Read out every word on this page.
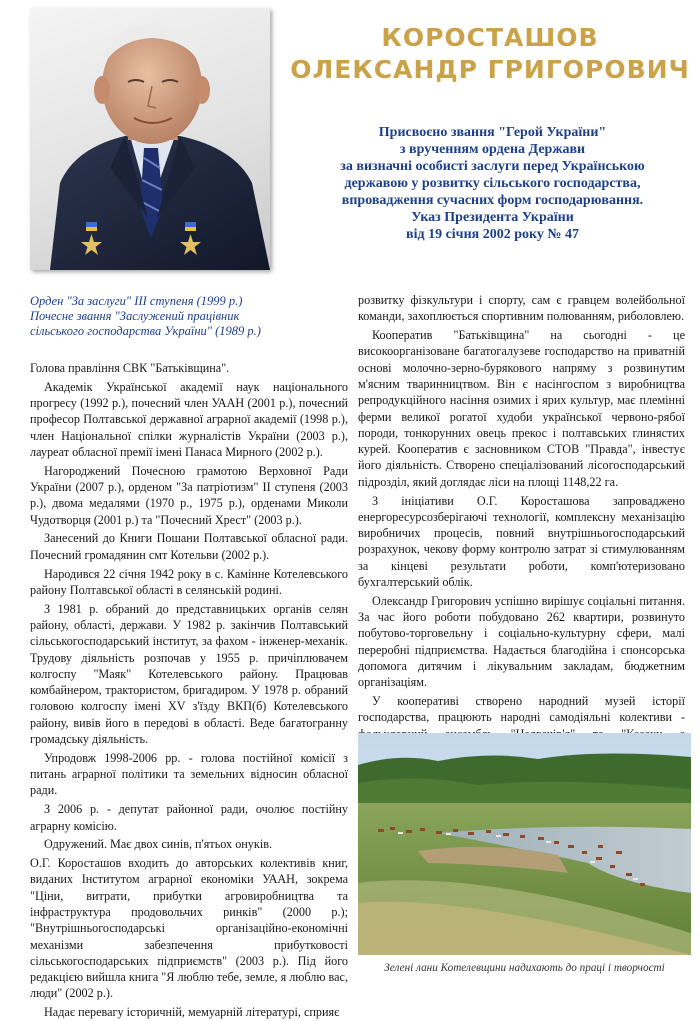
КОРОСТАШОВ
ОЛЕКСАНДР ГРИГОРОВИЧ
Присвоєно звання "Герой України"
з врученням ордена Держави
за визначні особисті заслуги перед Українською
державою у розвитку сільського господарства,
впровадження сучасних форм господарювання.
Указ Президента України
від 19 січня 2002 року № 47
Орден "За заслуги" III ступеня (1999 р.)
Почесне звання "Заслужений працівник
сільського господарства України" (1989 р.)

Голова правління СВК "Батьківщина".

Академік Української академії наук національного прогресу (1992 р.), почесний член УААН (2001 р.), почесний професор Полтавської державної аграрної академії (1998 р.), член Національної спілки журналістів України (2003 р.), лауреат обласної премії імені Панаса Мирного (2002 р.).

Нагороджений Почесною грамотою Верховної Ради України (2007 р.), орденом "За патріотизм" ІІ ступеня (2003 р.), двома медалями (1970 р., 1975 р.), орденами Миколи Чудотворця (2001 р.) та "Почесний Хрест" (2003 р.).

Занесений до Книги Пошани Полтавської обласної ради. Почесний громадянин смт Котельви (2002 р.).

Народився 22 січня 1942 року в с. Камінне Котелевського району Полтавської області в селянській родині.

З 1981 р. обраний до представницьких органів селян району, області, держави. У 1982 р. закінчив Полтавський сільськогосподарський інститут, за фахом - інженер-механік. Трудову діяльність розпочав у 1955 р. причіплювачем колгоспу "Маяк" Котелевського району. Працював комбайнером, трактористом, бригадиром. У 1978 р. обраний головою колгоспу імені XV з'їзду ВКП(б) Котелевського району, вивів його в передові в області. Веде багатогранну громадську діяльність.

Упродовж 1998-2006 рр. - голова постійної комісії з питань аграрної політики та земельних відносин обласної ради.

З 2006 р. - депутат районної ради, очолює постійну аграрну комісію.

Одружений. Має двох синів, п'ятьох онуків.

О.Г. Коросташов входить до авторських колективів книг, виданих Інститутом аграрної економіки УААН, зокрема "Ціни, витрати, прибутки агровиробництва та інфраструктура продовольчих ринків" (2000 р.); "Внутрішньогосподарські організаційно-економічні механізми забезпечення прибутковості сільськогосподарських підприємств" (2003 р.). Під його редакцією вийшла книга "Я люблю тебе, земле, я люблю вас, люди" (2002 р.).

Надає перевагу історичній, мемуарній літературі, сприяє

розвитку фізкультури і спорту, сам є гравцем волейбольної команди, захоплюється спортивним полюванням, риболовлею.

Кооператив "Батьківщина" на сьогодні - це високоорганізоване багатогалузеве господарство на приватній основі молочно-зерно-бурякового напряму з розвинутим м'ясним тваринництвом. Він є насінгоспом з виробництва репродукційного насіння озимих і ярих культур, має племінні ферми великої рогатої худоби української червоно-рябої породи, тонкорунних овець прекос і полтавських глинястих курей. Кооператив є засновником СТОВ "Правда", інвестує його діяльність. Створено спеціалізований лісогосподарський підрозділ, який доглядає ліси на площі 1148,22 га.

З ініціативи О.Г. Коросташова запроваджено енергоресурсозберігаючі технології, комплексну механізацію виробничих процесів, повний внутрішньогосподарський розрахунок, чекову форму контролю затрат зі стимулюванням за кінцеві результати роботи, комп'ютеризовано бухгалтерський облік.

Олександр Григорович успішно вирішує соціальні питання. За час його роботи побудовано 262 квартири, розвинуто побутово-торговельну і соціально-культурну сфери, малі переробні підприємства. Надається благодійна і спонсорська допомога дитячим і лікувальним закладам, бюджетним організаціям.

У кооперативі створено народний музей історії господарства, працюють народні самодіяльні колективи -

Зелені лани Котелевщини надихають до праці і творчості
